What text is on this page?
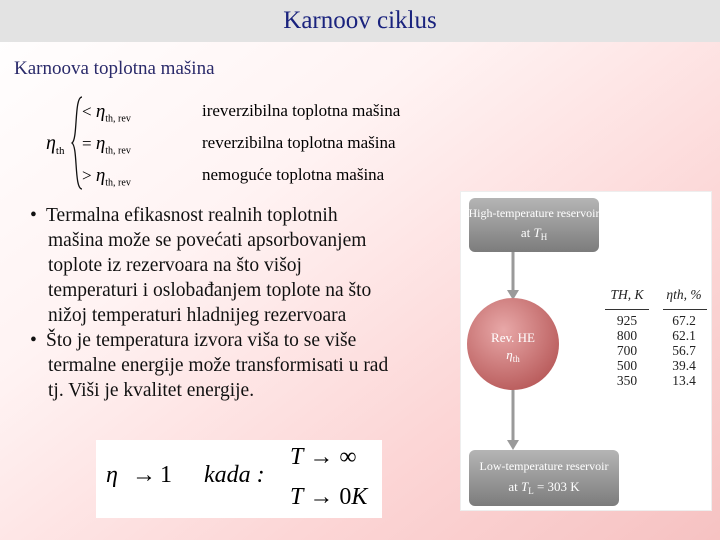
Karnoov ciklus
Karnoova toplotna mašina
$\eta_{th}$
< $\eta_{th, rev}$	ireverzibilna toplotna mašina
= $\eta_{th, rev}$	reverzibilna toplotna mašina
> $\eta_{th, rev}$	nemoguće toplotna mašina
• Termalna efikasnost realnih toplotnih
mašina može se povećati apsorbovanjem
toplote iz rezervoara na što višoj
temperaturi i oslobađanjem toplote na što
nižoj temperaturi hladnijeg rezervoara
• Što je temperatura izvora viša to se više
termalne energije može transformisati u rad
tj. Viši je kvalitet energije.
η → 1 kada :
T → ∞
T → 0K
High-temperature reservoir
at $T_H$
Rev. HE
$\eta_{th}$
Low-temperature reservoir
at $T_L = 303$ K
TH, K	ηth, %
925	67.2
800	62.1
700	56.7
500	39.4
350	13.4
